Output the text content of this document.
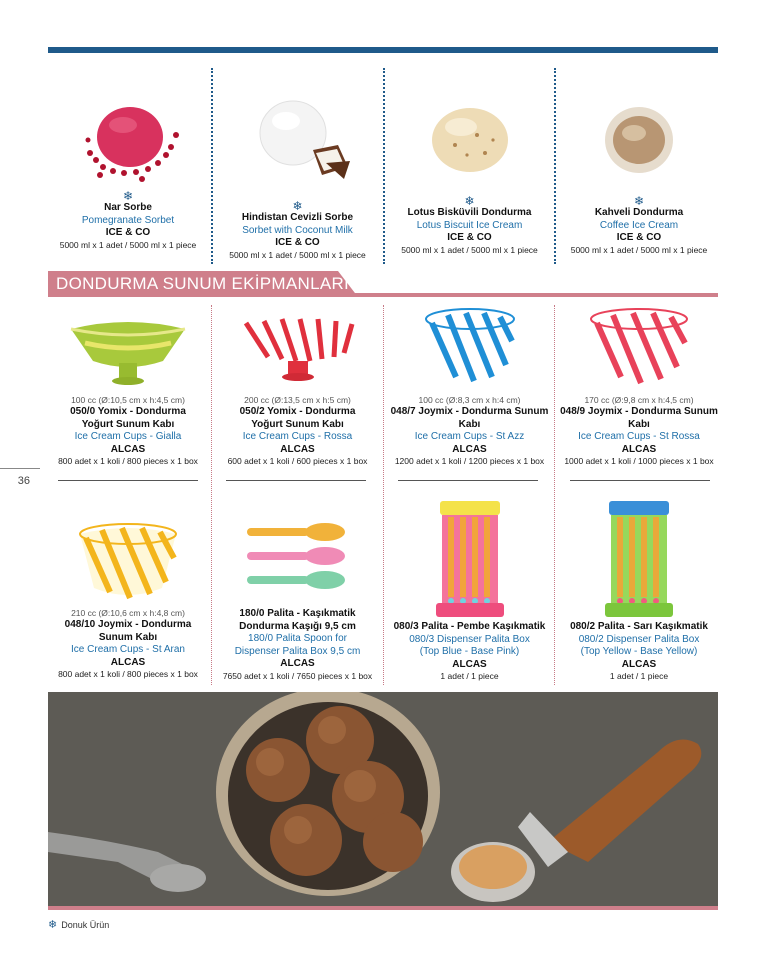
36
❄
Nar Sorbe
Pomegranate Sorbet
ICE & CO
5000 ml x 1 adet / 5000 ml x 1 piece
❄
Hindistan Cevizli Sorbe
Sorbet with Coconut Milk
ICE & CO
5000 ml x 1 adet / 5000 ml x 1 piece
❄
Lotus Bisküvili Dondurma
Lotus Biscuit Ice Cream
ICE & CO
5000 ml x 1 adet / 5000 ml x 1 piece
❄
Kahveli Dondurma
Coffee Ice Cream
ICE & CO
5000 ml x 1 adet / 5000 ml x 1 piece
DONDURMA SUNUM EKİPMANLARI
100 cc (Ø:10,5 cm x h:4,5 cm)
050/0 Yomix - Dondurma
Yoğurt Sunum Kabı
Ice Cream Cups - Gialla
ALCAS
800 adet x 1 koli / 800 pieces x 1 box
200 cc (Ø:13,5 cm x h:5 cm)
050/2 Yomix - Dondurma
Yoğurt Sunum Kabı
Ice Cream Cups - Rossa
ALCAS
600 adet x 1 koli / 600 pieces x 1 box
100 cc (Ø:8,3 cm x h:4 cm)
048/7 Joymix - Dondurma Sunum
Kabı
Ice Cream Cups - St Azz
ALCAS
1200 adet x 1 koli / 1200 pieces x 1 box
170 cc (Ø:9,8 cm x h:4,5 cm)
048/9 Joymix - Dondurma Sunum
Kabı
Ice Cream Cups - St Rossa
ALCAS
1000 adet x 1 koli / 1000 pieces x 1 box
210 cc (Ø:10,6 cm x h:4,8 cm)
048/10 Joymix - Dondurma
Sunum Kabı
Ice Cream Cups - St Aran
ALCAS
800 adet x 1 koli / 800 pieces x 1 box
180/0 Palita - Kaşıkmatik
Dondurma Kaşığı 9,5 cm
180/0 Palita Spoon for
Dispenser Palita Box 9,5 cm
ALCAS
7650 adet x 1 koli / 7650 pieces x 1 box
080/3 Palita - Pembe Kaşıkmatik
080/3 Dispenser Palita Box
(Top Blue - Base Pink)
ALCAS
1 adet / 1 piece
080/2 Palita - Sarı Kaşıkmatik
080/2 Dispenser Palita Box
(Top Yellow - Base Yellow)
ALCAS
1 adet / 1 piece
❄ Donuk Ürün
